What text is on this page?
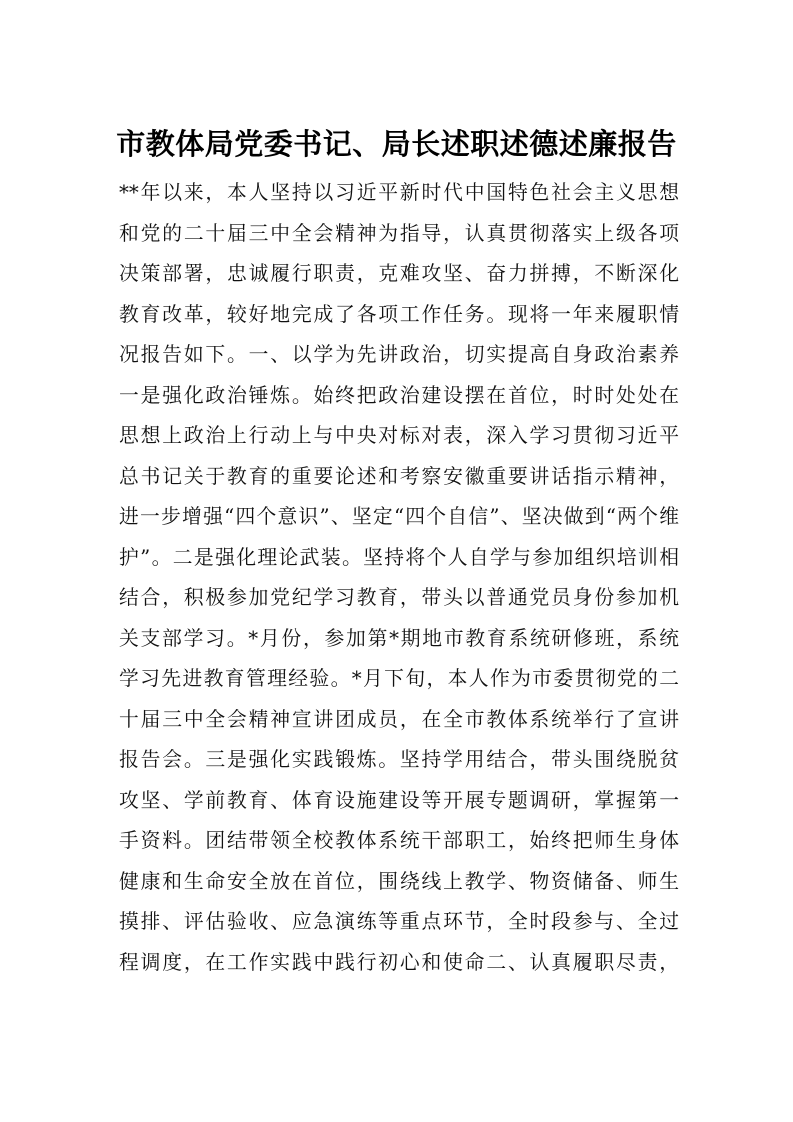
市教体局党委书记、局长述职述德述廉报告
**年以来，本人坚持以习近平新时代中国特色社会主义思想
和党的二十届三中全会精神为指导，认真贯彻落实上级各项
决策部署，忠诚履行职责，克难攻坚、奋力拼搏，不断深化
教育改革，较好地完成了各项工作任务。现将一年来履职情
况报告如下。一、以学为先讲政治，切实提高自身政治素养
一是强化政治锤炼。始终把政治建设摆在首位，时时处处在
思想上政治上行动上与中央对标对表，深入学习贯彻习近平
总书记关于教育的重要论述和考察安徽重要讲话指示精神，
进一步增强“四个意识”、坚定“四个自信”、坚决做到“两个维
护”。二是强化理论武装。坚持将个人自学与参加组织培训相
结合，积极参加党纪学习教育，带头以普通党员身份参加机
关支部学习。*月份，参加第*期地市教育系统研修班，系统
学习先进教育管理经验。*月下旬，本人作为市委贯彻党的二
十届三中全会精神宣讲团成员，在全市教体系统举行了宣讲
报告会。三是强化实践锻炼。坚持学用结合，带头围绕脱贫
攻坚、学前教育、体育设施建设等开展专题调研，掌握第一
手资料。团结带领全校教体系统干部职工，始终把师生身体
健康和生命安全放在首位，围绕线上教学、物资储备、师生
摸排、评估验收、应急演练等重点环节，全时段参与、全过
程调度，在工作实践中践行初心和使命二、认真履职尽责，
